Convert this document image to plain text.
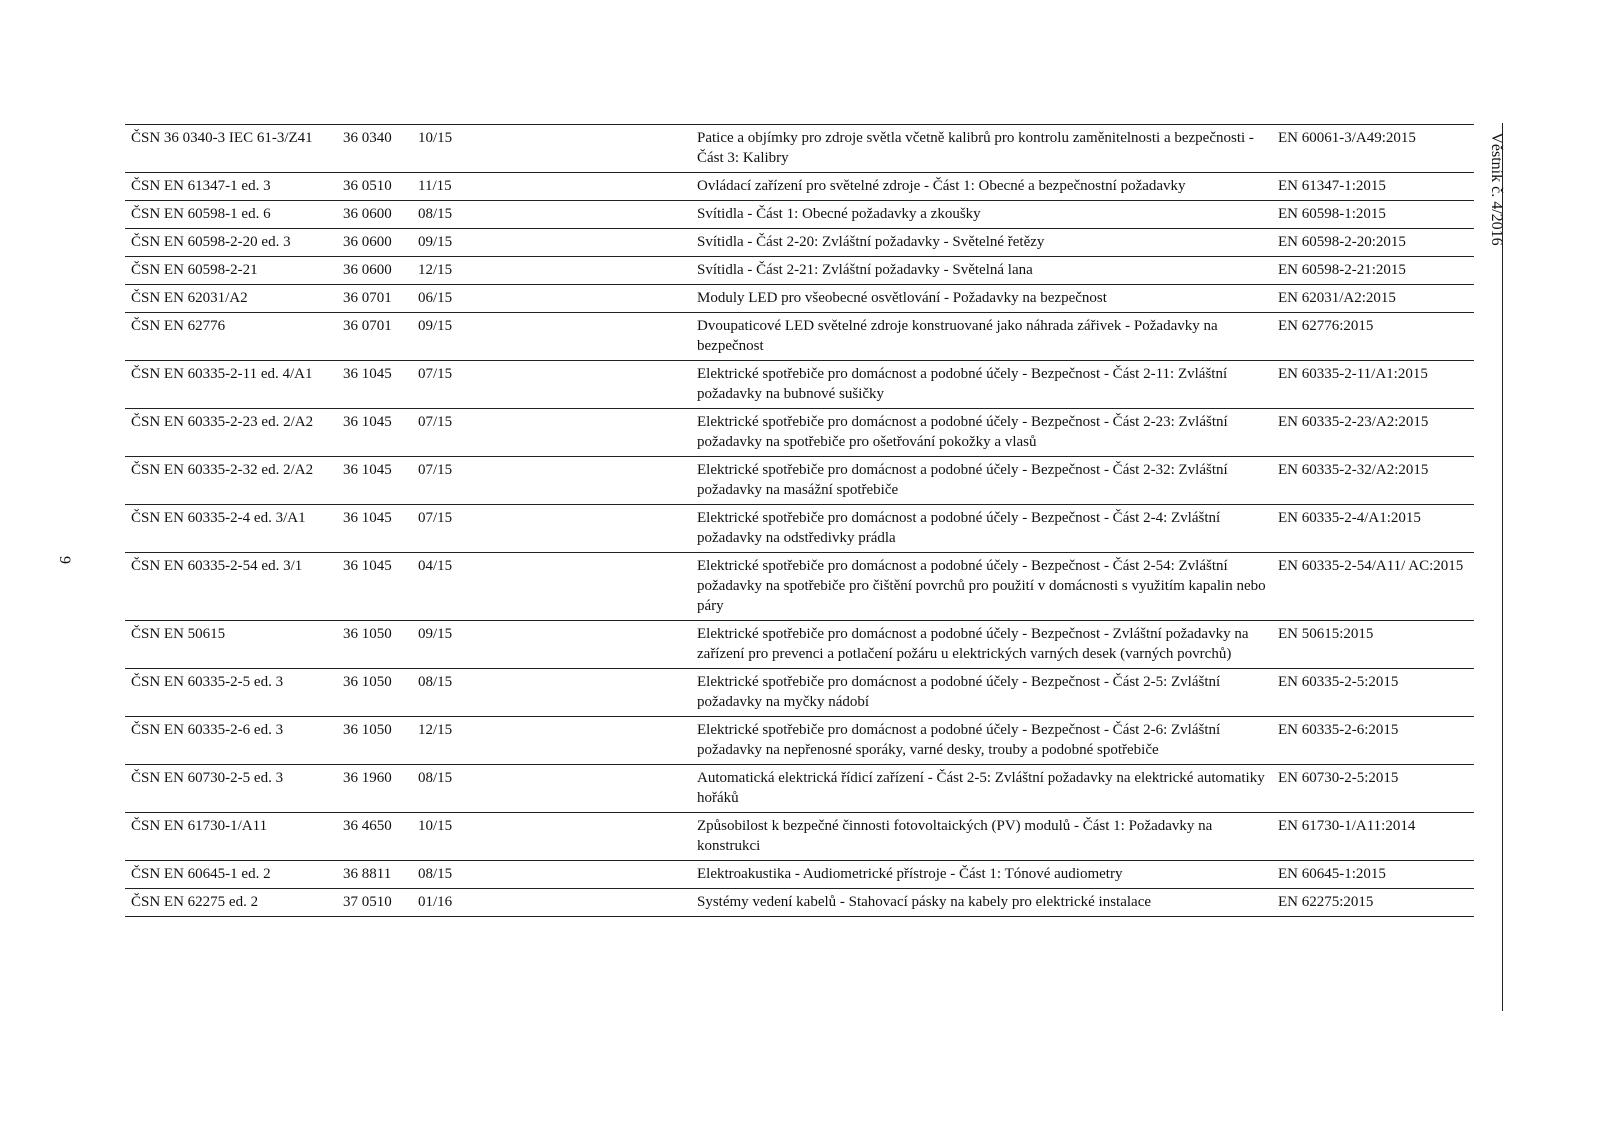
9
Věstník č. 4/2016
ČSN 36 0340-3 IEC 61-3/Z41	36 0340	10/15		Patice a objímky pro zdroje světla včetně kalibrů pro kontrolu zaměnitelnosti a bezpečnosti - Část 3: Kalibry	EN 60061-3/A49:2015
ČSN EN 61347-1 ed. 3	36 0510	11/15		Ovládací zařízení pro světelné zdroje - Část 1: Obecné a bezpečnostní požadavky	EN 61347-1:2015
ČSN EN 60598-1 ed. 6	36 0600	08/15		Svítidla - Část 1: Obecné požadavky a zkoušky	EN 60598-1:2015
ČSN EN 60598-2-20 ed. 3	36 0600	09/15		Svítidla - Část 2-20: Zvláštní požadavky - Světelné řetězy	EN 60598-2-20:2015
ČSN EN 60598-2-21	36 0600	12/15		Svítidla - Část 2-21: Zvláštní požadavky - Světelná lana	EN 60598-2-21:2015
ČSN EN 62031/A2	36 0701	06/15		Moduly LED pro všeobecné osvětlování - Požadavky na bezpečnost	EN 62031/A2:2015
ČSN EN 62776	36 0701	09/15		Dvoupaticové LED světelné zdroje konstruované jako náhrada zářivek - Požadavky na bezpečnost	EN 62776:2015
ČSN EN 60335-2-11 ed. 4/A1	36 1045	07/15		Elektrické spotřebiče pro domácnost a podobné účely - Bezpečnost - Část 2-11: Zvláštní požadavky na bubnové sušičky	EN 60335-2-11/A1:2015
ČSN EN 60335-2-23 ed. 2/A2	36 1045	07/15		Elektrické spotřebiče pro domácnost a podobné účely - Bezpečnost - Část 2-23: Zvláštní požadavky na spotřebiče pro ošetřování pokožky a vlasů	EN 60335-2-23/A2:2015
ČSN EN 60335-2-32 ed. 2/A2	36 1045	07/15		Elektrické spotřebiče pro domácnost a podobné účely - Bezpečnost - Část 2-32: Zvláštní požadavky na masážní spotřebiče	EN 60335-2-32/A2:2015
ČSN EN 60335-2-4 ed. 3/A1	36 1045	07/15		Elektrické spotřebiče pro domácnost a podobné účely - Bezpečnost - Část 2-4: Zvláštní požadavky na odstředivky prádla	EN 60335-2-4/A1:2015
ČSN EN 60335-2-54 ed. 3/1	36 1045	04/15		Elektrické spotřebiče pro domácnost a podobné účely - Bezpečnost - Část 2-54: Zvláštní požadavky na spotřebiče pro čištění povrchů pro použití v domácnosti s využitím kapalin nebo páry	EN 60335-2-54/A11/ AC:2015
ČSN EN 50615	36 1050	09/15		Elektrické spotřebiče pro domácnost a podobné účely - Bezpečnost - Zvláštní požadavky na zařízení pro prevenci a potlačení požáru u elektrických varných desek (varných povrchů)	EN 50615:2015
ČSN EN 60335-2-5 ed. 3	36 1050	08/15		Elektrické spotřebiče pro domácnost a podobné účely - Bezpečnost - Část 2-5: Zvláštní požadavky na myčky nádobí	EN 60335-2-5:2015
ČSN EN 60335-2-6 ed. 3	36 1050	12/15		Elektrické spotřebiče pro domácnost a podobné účely - Bezpečnost - Část 2-6: Zvláštní požadavky na nepřenosné sporáky, varné desky, trouby a podobné spotřebiče	EN 60335-2-6:2015
ČSN EN 60730-2-5 ed. 3	36 1960	08/15		Automatická elektrická řídicí zařízení - Část 2-5: Zvláštní požadavky na elektrické automatiky hořáků	EN 60730-2-5:2015
ČSN EN 61730-1/A11	36 4650	10/15		Způsobilost k bezpečné činnosti fotovoltaických (PV) modulů - Část 1: Požadavky na konstrukci	EN 61730-1/A11:2014
ČSN EN 60645-1 ed. 2	36 8811	08/15		Elektroakustika - Audiometrické přístroje - Část 1: Tónové audiometry	EN 60645-1:2015
ČSN EN 62275 ed. 2	37 0510	01/16		Systémy vedení kabelů - Stahovací pásky na kabely pro elektrické instalace	EN 62275:2015
